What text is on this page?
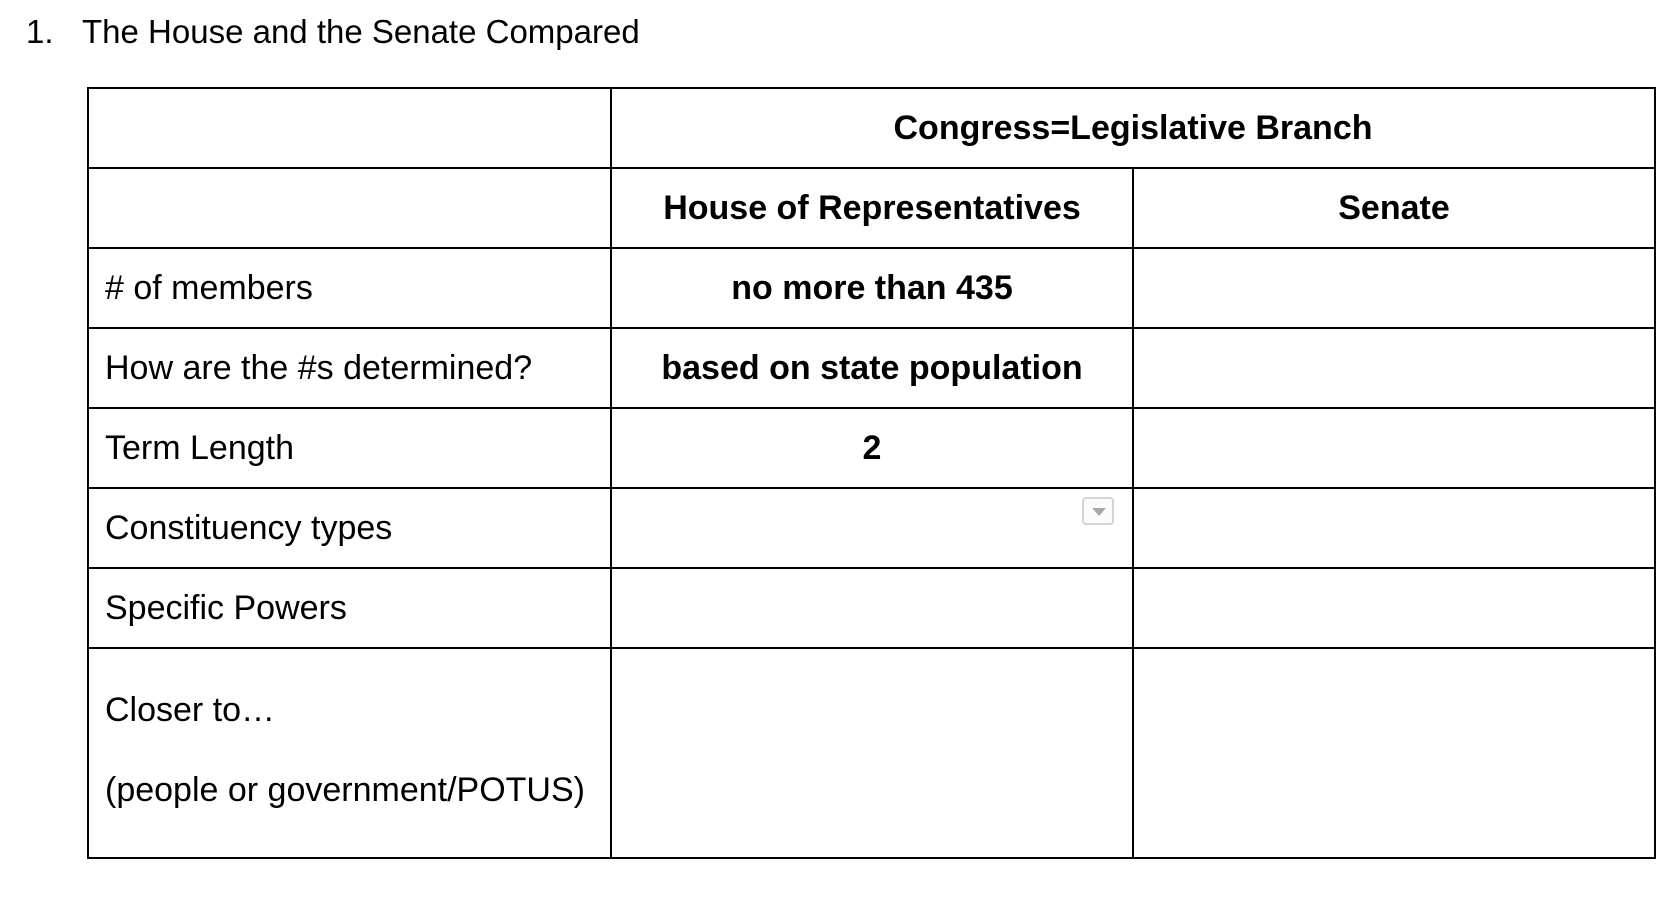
1. The House and the Senate Compared
	Congress=Legislative Branch	
	House of Representatives	Senate
# of members	no more than 435	
How are the #s determined?	based on state population	
Term Length	2	
Constituency types	

Specific Powers		

Closer to…
(people or government/POTUS)		
